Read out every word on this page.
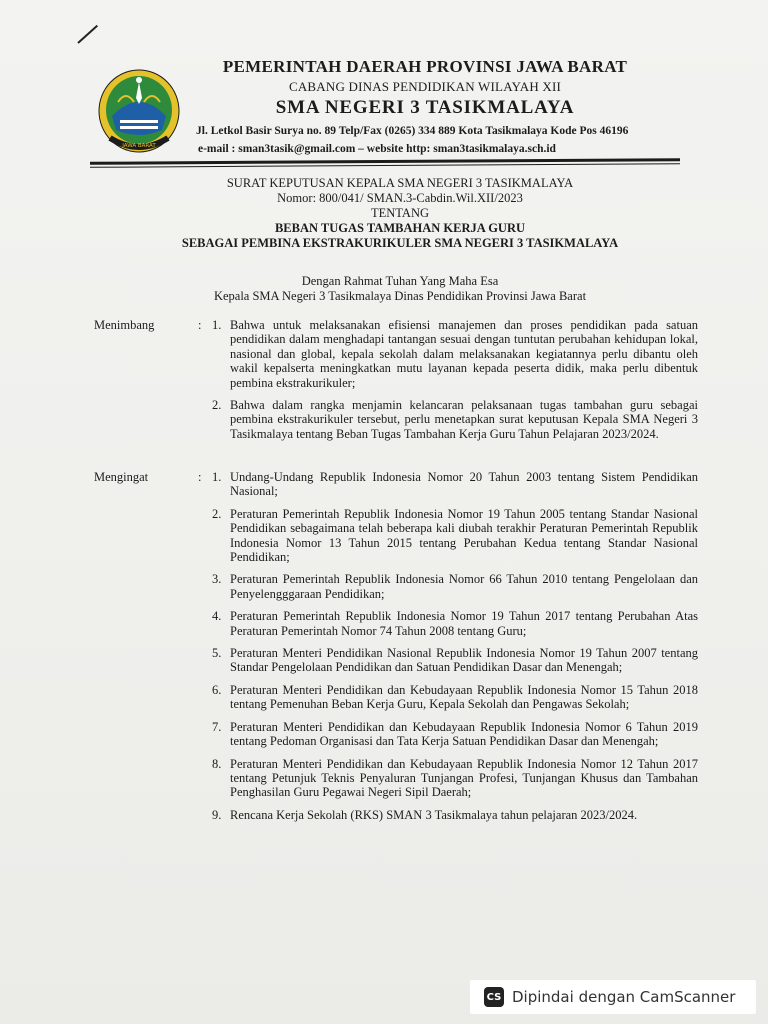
JAWA BARAT

PEMERINTAH DAERAH PROVINSI JAWA BARAT

CABANG DINAS PENDIDIKAN WILAYAH XII

SMA NEGERI 3 TASIKMALAYA

Jl. Letkol Basir Surya no. 89 Telp/Fax (0265) 334 889 Kota Tasikmalaya Kode Pos 46196
e-mail : sman3tasik@gmail.com – website http: sman3tasikmalaya.sch.id
SURAT KEPUTUSAN KEPALA SMA NEGERI 3 TASIKMALAYA
Nomor: 800/041/ SMAN.3-Cabdin.Wil.XII/2023
TENTANG
BEBAN TUGAS TAMBAHAN KERJA GURU
SEBAGAI PEMBINA EKSTRAKURIKULER SMA NEGERI 3 TASIKMALAYA
Dengan Rahmat Tuhan Yang Maha Esa
Kepala SMA Negeri 3 Tasikmalaya Dinas Pendidikan Provinsi Jawa Barat
Menimbang	: 1. Bahwa untuk melaksanakan efisiensi manajemen dan proses pendidikan pada satuan pendidikan dalam menghadapi tantangan sesuai dengan tuntutan perubahan kehidupan lokal, nasional dan global, kepala sekolah dalam melaksanakan kegiatannya perlu dibantu oleh wakil kepalserta meningkatkan mutu layanan kepada peserta didik, maka perlu dibentuk pembina ekstrakurikuler;
2. Bahwa dalam rangka menjamin kelancaran pelaksanaan tugas tambahan guru sebagai pembina ekstrakurikuler tersebut, perlu menetapkan surat keputusan Kepala SMA Negeri 3 Tasikmalaya tentang Beban Tugas Tambahan Kerja Guru Tahun Pelajaran 2023/2024.
Mengingat	: 1. Undang-Undang Republik Indonesia Nomor 20 Tahun 2003 tentang Sistem Pendidikan Nasional;
2. Peraturan Pemerintah Republik Indonesia Nomor 19 Tahun 2005 tentang Standar Nasional Pendidikan sebagaimana telah beberapa kali diubah terakhir Peraturan Pemerintah Republik Indonesia Nomor 13 Tahun 2015 tentang Perubahan Kedua tentang Standar Nasional Pendidikan;
3. Peraturan Pemerintah Republik Indonesia Nomor 66 Tahun 2010 tentang Pengelolaan dan Penyelengggaraan Pendidikan;
4. Peraturan Pemerintah Republik Indonesia Nomor 19 Tahun 2017 tentang Perubahan Atas Peraturan Pemerintah Nomor 74 Tahun 2008 tentang Guru;
5. Peraturan Menteri Pendidikan Nasional Republik Indonesia Nomor 19 Tahun 2007 tentang Standar Pengelolaan Pendidikan dan Satuan Pendidikan Dasar dan Menengah;
6. Peraturan Menteri Pendidikan dan Kebudayaan Republik Indonesia Nomor 15 Tahun 2018 tentang Pemenuhan Beban Kerja Guru, Kepala Sekolah dan Pengawas Sekolah;
7. Peraturan Menteri Pendidikan dan Kebudayaan Republik Indonesia Nomor 6 Tahun 2019 tentang Pedoman Organisasi dan Tata Kerja Satuan Pendidikan Dasar dan Menengah;
8. Peraturan Menteri Pendidikan dan Kebudayaan Republik Indonesia Nomor 12 Tahun 2017 tentang Petunjuk Teknis Penyaluran Tunjangan Profesi, Tunjangan Khusus dan Tambahan Penghasilan Guru Pegawai Negeri Sipil Daerah;
9. Rencana Kerja Sekolah (RKS) SMAN 3 Tasikmalaya tahun pelajaran 2023/2024.
CS Dipindai dengan CamScanner
